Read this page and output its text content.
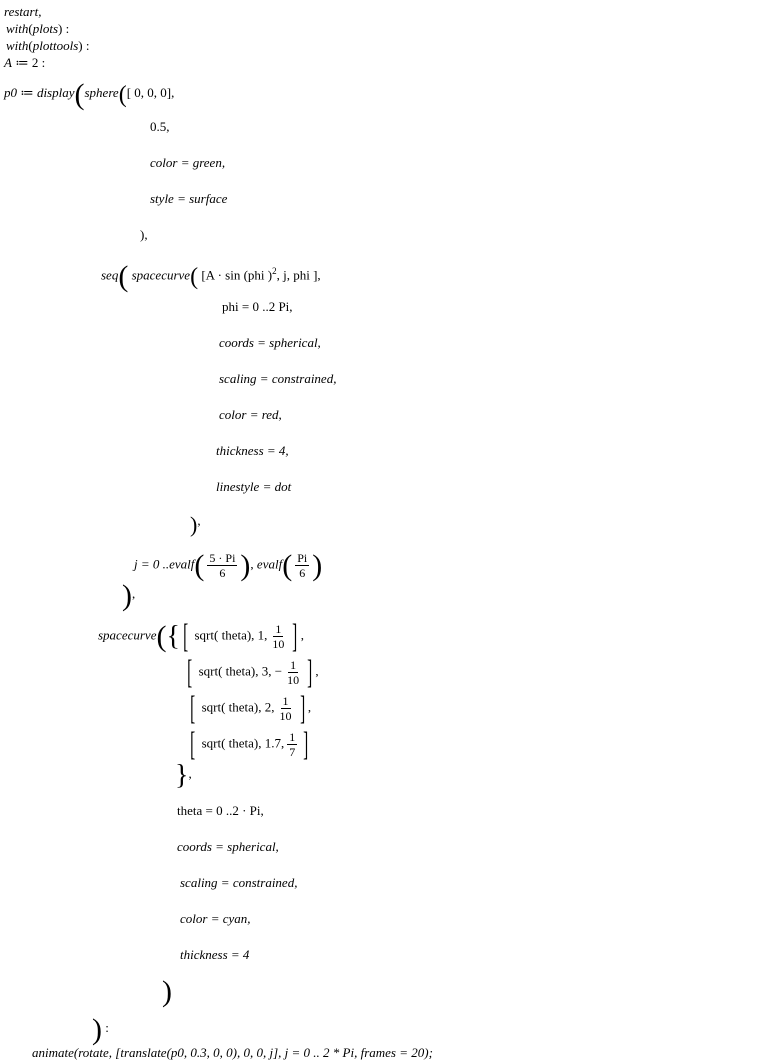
restart,
with(plots) :
with(plottools) :
A ≔ 2 :
p0 ≔ display(sphere([ 0, 0, 0],
0.5,
color = green,
style = surface
),
seq( spacecurve( [A · sin (phi )$^2$, j, phi ],
phi = 0 ..2 Pi,
coords = spherical,
scaling = constrained,
color = red,
thickness = 4,
linestyle = dot
),
j = 0 ..evalf( $\frac{5 \cdot Pi}{6}$ ), evalf( $\frac{Pi}{6}$ )
),
spacecurve({[ sqrt( theta), 1, $\frac{1}{10}$ ] ,
[ sqrt( theta), 3, − $\frac{1}{10}$ ] ,
[ sqrt( theta), 2, $\frac{1}{10}$ ] ,
[ sqrt( theta), 1.7, $\frac{1}{7}$ ]
},
theta = 0 ..2 · Pi,
coords = spherical,
scaling = constrained,
color = cyan,
thickness = 4
)
) :
animate(rotate, [translate(p0, 0.3, 0, 0), 0, 0, j], j = 0 .. 2 * Pi, frames = 20);
